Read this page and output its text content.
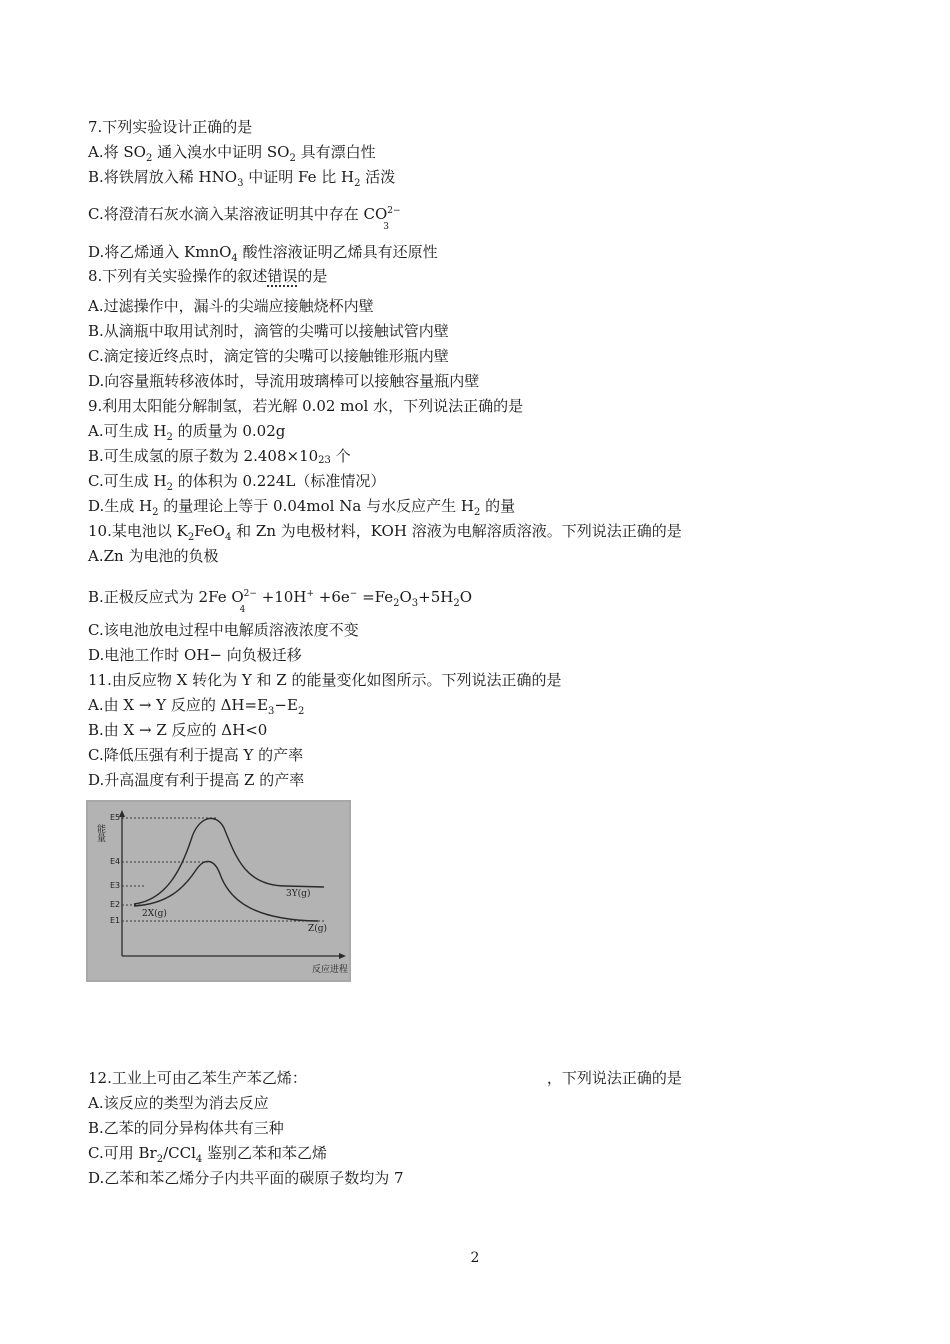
7.下列实验设计正确的是
A.将 $SO_2$ 通入溴水中证明 $SO_2$ 具有漂白性
B.将铁屑放入稀 $HNO_3$ 中证明 Fe 比 $H_2$ 活泼
C.将澄清石灰水滴入某溶液证明其中存在 $CO^{2-}$
3
D.将乙烯通入 KmnO$_4$ 酸性溶液证明乙烯具有还原性
8.下列有关实验操作的叙述错误的是
A.过滤操作中，漏斗的尖端应接触烧杯内壁
B.从滴瓶中取用试剂时，滴管的尖嘴可以接触试管内壁
C.滴定接近终点时，滴定管的尖嘴可以接触锥形瓶内壁
D.向容量瓶转移液体时，导流用玻璃棒可以接触容量瓶内壁
9.利用太阳能分解制氢，若光解 0.02 mol 水，下列说法正确的是
A.可生成 $H_2$ 的质量为 0.02g
B.可生成氢的原子数为 $2.408\times 10_{23}$ 个
C.可生成 $H_2$ 的体积为 0.224L（标准情况）
D.生成 $H_2$ 的量理论上等于 0.04mol Na 与水反应产生 $H_2$ 的量
10.某电池以 $K_2FeO_4$ 和 Zn 为电极材料，KOH 溶液为电解溶质溶液。下列说法正确的是
A.Zn 为电池的负极
B.正极反应式为 2Fe $O^{2-}$
4
$+10H^+ +6e^- =Fe_2O_3+5H_2O$
C.该电池放电过程中电解质溶液浓度不变
D.电池工作时 OH− 向负极迁移
11.由反应物 X 转化为 Y 和 Z 的能量变化如图所示。下列说法正确的是
A.由 X → Y 反应的 $\Delta H=E_3-E_2$
B.由 X → Z 反应的 ΔH<0
C.降低压强有利于提高 Y 的产率
D.升高温度有利于提高 Z 的产率
能量
E5
E4
E3
E2
E1
3Y(g)
2X(g)
Z(g)
反应进程
12.工业上可由乙苯生产苯乙烯：	，下列说法正确的是
A.该反应的类型为消去反应
B.乙苯的同分异构体共有三种
C.可用 $Br_2/CCl_4$ 鉴别乙苯和苯乙烯
D.乙苯和苯乙烯分子内共平面的碳原子数均为 7
2
